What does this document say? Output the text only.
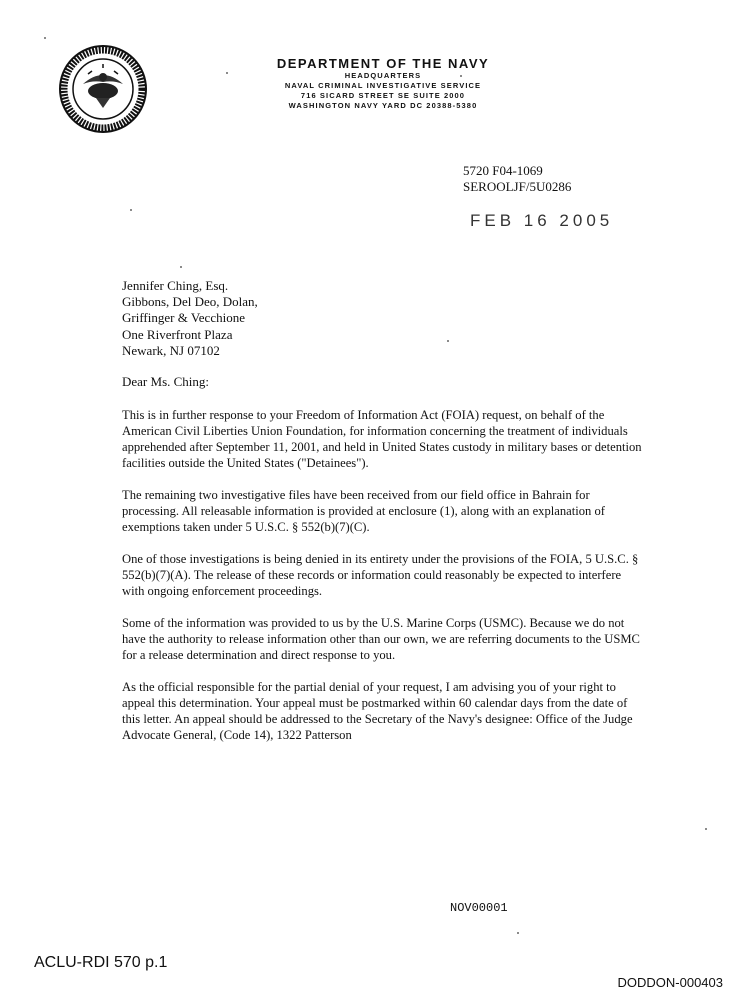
DEPARTMENT OF THE NAVY
HEADQUARTERS
NAVAL CRIMINAL INVESTIGATIVE SERVICE
716 SICARD STREET SE SUITE 2000
WASHINGTON NAVY YARD DC 20388-5380
5720 F04-1069
SEROOLJF/5U0286
FEB 16 2005
Jennifer Ching, Esq.
Gibbons, Del Deo, Dolan,
Griffinger & Vecchione
One Riverfront Plaza
Newark, NJ 07102
Dear Ms. Ching:

This is in further response to your Freedom of Information Act (FOIA) request, on behalf of the American Civil Liberties Union Foundation, for information concerning the treatment of individuals apprehended after September 11, 2001, and held in United States custody in military bases or detention facilities outside the United States ("Detainees").

The remaining two investigative files have been received from our field office in Bahrain for processing. All releasable information is provided at enclosure (1), along with an explanation of exemptions taken under 5 U.S.C. § 552(b)(7)(C).

One of those investigations is being denied in its entirety under the provisions of the FOIA, 5 U.S.C. § 552(b)(7)(A). The release of these records or information could reasonably be expected to interfere with ongoing enforcement proceedings.

Some of the information was provided to us by the U.S. Marine Corps (USMC). Because we do not have the authority to release information other than our own, we are referring documents to the USMC for a release determination and direct response to you.

As the official responsible for the partial denial of your request, I am advising you of your right to appeal this determination. Your appeal must be postmarked within 60 calendar days from the date of this letter. An appeal should be addressed to the Secretary of the Navy's designee: Office of the Judge Advocate General, (Code 14), 1322 Patterson

NOV00001
ACLU-RDI 570 p.1
DODDON-000403
